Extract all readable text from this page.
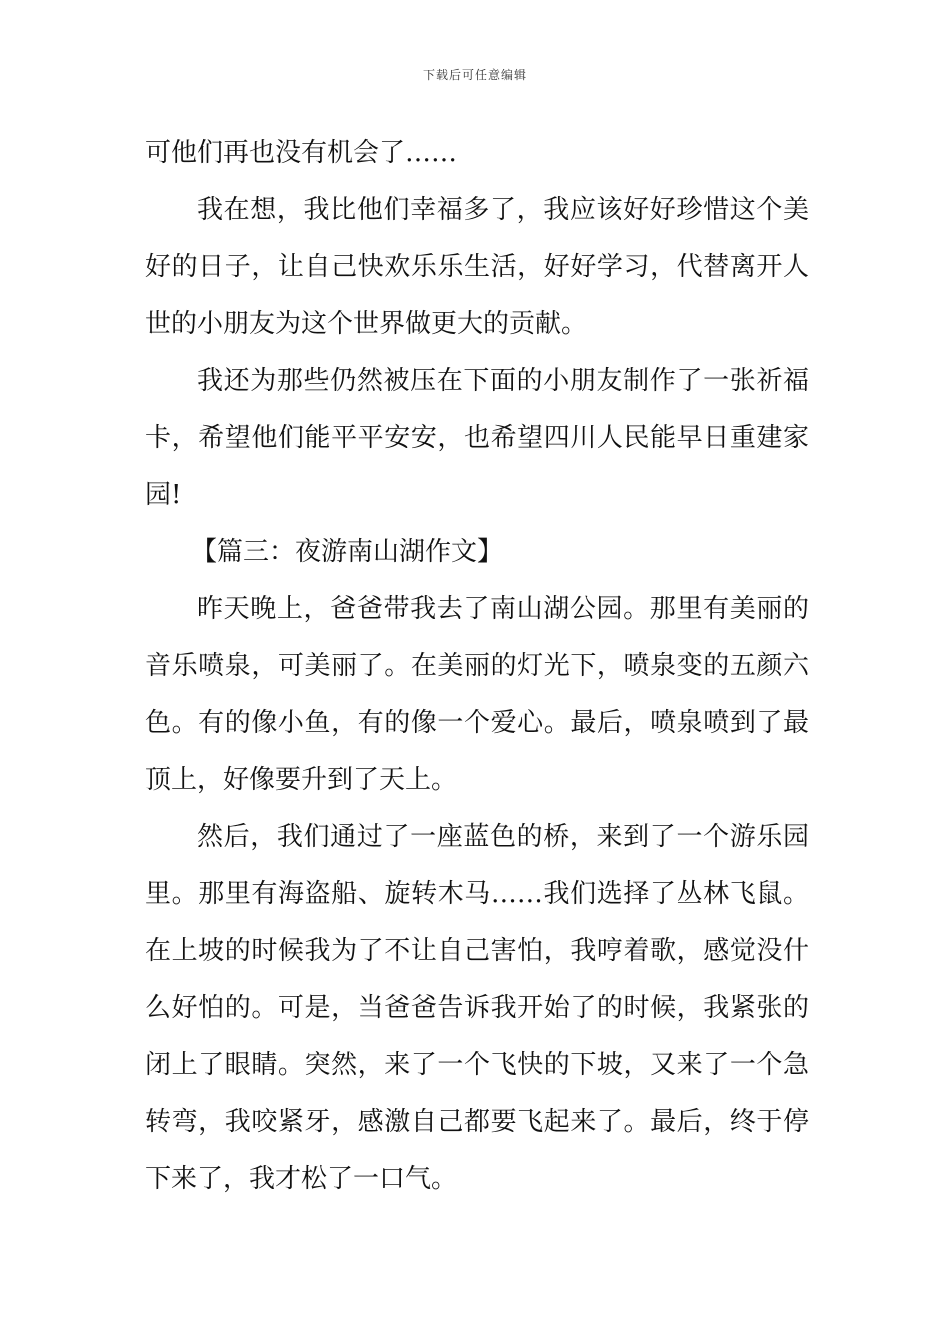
下载后可任意编辑

可他们再也没有机会了……

我在想，我比他们幸福多了，我应该好好珍惜这个美好的日子，让自己快欢乐乐生活，好好学习，代替离开人世的小朋友为这个世界做更大的贡献。

我还为那些仍然被压在下面的小朋友制作了一张祈福卡，希望他们能平平安安，也希望四川人民能早日重建家园!

【篇三：夜游南山湖作文】

昨天晚上，爸爸带我去了南山湖公园。那里有美丽的音乐喷泉，可美丽了。在美丽的灯光下，喷泉变的五颜六色。有的像小鱼，有的像一个爱心。最后，喷泉喷到了最顶上，好像要升到了天上。

然后，我们通过了一座蓝色的桥，来到了一个游乐园里。那里有海盗船、旋转木马……我们选择了丛林飞鼠。在上坡的时候我为了不让自己害怕，我哼着歌，感觉没什么好怕的。可是，当爸爸告诉我开始了的时候，我紧张的闭上了眼睛。突然，来了一个飞快的下坡，又来了一个急转弯，我咬紧牙，感激自己都要飞起来了。最后，终于停下来了，我才松了一口气。
